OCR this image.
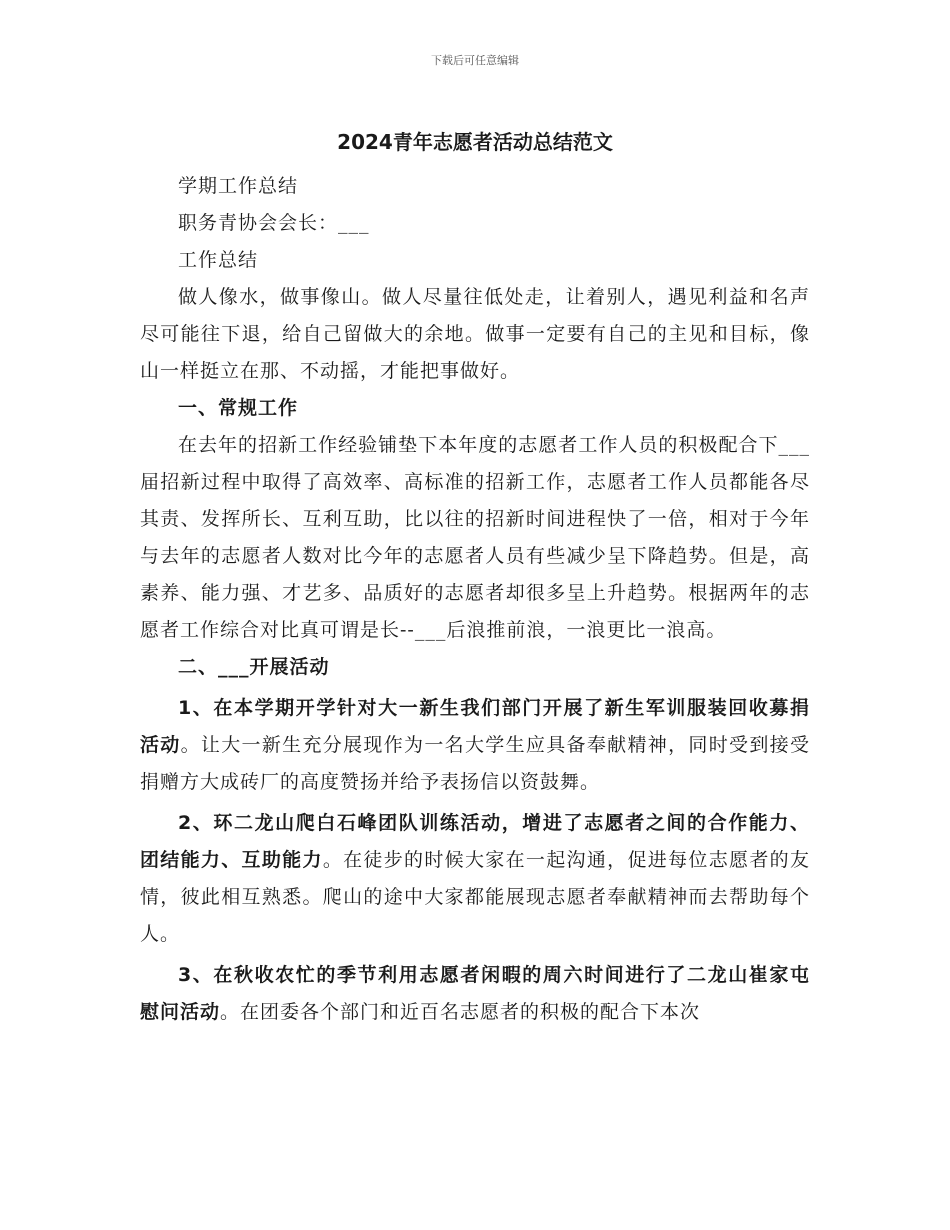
下载后可任意编辑
2024青年志愿者活动总结范文

学期工作总结

职务青协会会长：___

工作总结

做人像水，做事像山。做人尽量往低处走，让着别人，遇见利益和名声尽可能往下退，给自己留做大的余地。做事一定要有自己的主见和目标，像山一样挺立在那、不动摇，才能把事做好。

一、常规工作

在去年的招新工作经验铺垫下本年度的志愿者工作人员的积极配合下___届招新过程中取得了高效率、高标准的招新工作，志愿者工作人员都能各尽其责、发挥所长、互利互助，比以往的招新时间进程快了一倍，相对于今年与去年的志愿者人数对比今年的志愿者人员有些减少呈下降趋势。但是，高素养、能力强、才艺多、品质好的志愿者却很多呈上升趋势。根据两年的志愿者工作综合对比真可谓是长--___后浪推前浪，一浪更比一浪高。

二、___开展活动

1、在本学期开学针对大一新生我们部门开展了新生军训服装回收募捐活动。让大一新生充分展现作为一名大学生应具备奉献精神，同时受到接受捐赠方大成砖厂的高度赞扬并给予表扬信以资鼓舞。

2、环二龙山爬白石峰团队训练活动，增进了志愿者之间的合作能力、团结能力、互助能力。在徒步的时候大家在一起沟通，促进每位志愿者的友情，彼此相互熟悉。爬山的途中大家都能展现志愿者奉献精神而去帮助每个人。

3、在秋收农忙的季节利用志愿者闲暇的周六时间进行了二龙山崔家屯慰问活动。在团委各个部门和近百名志愿者的积极的配合下本次
